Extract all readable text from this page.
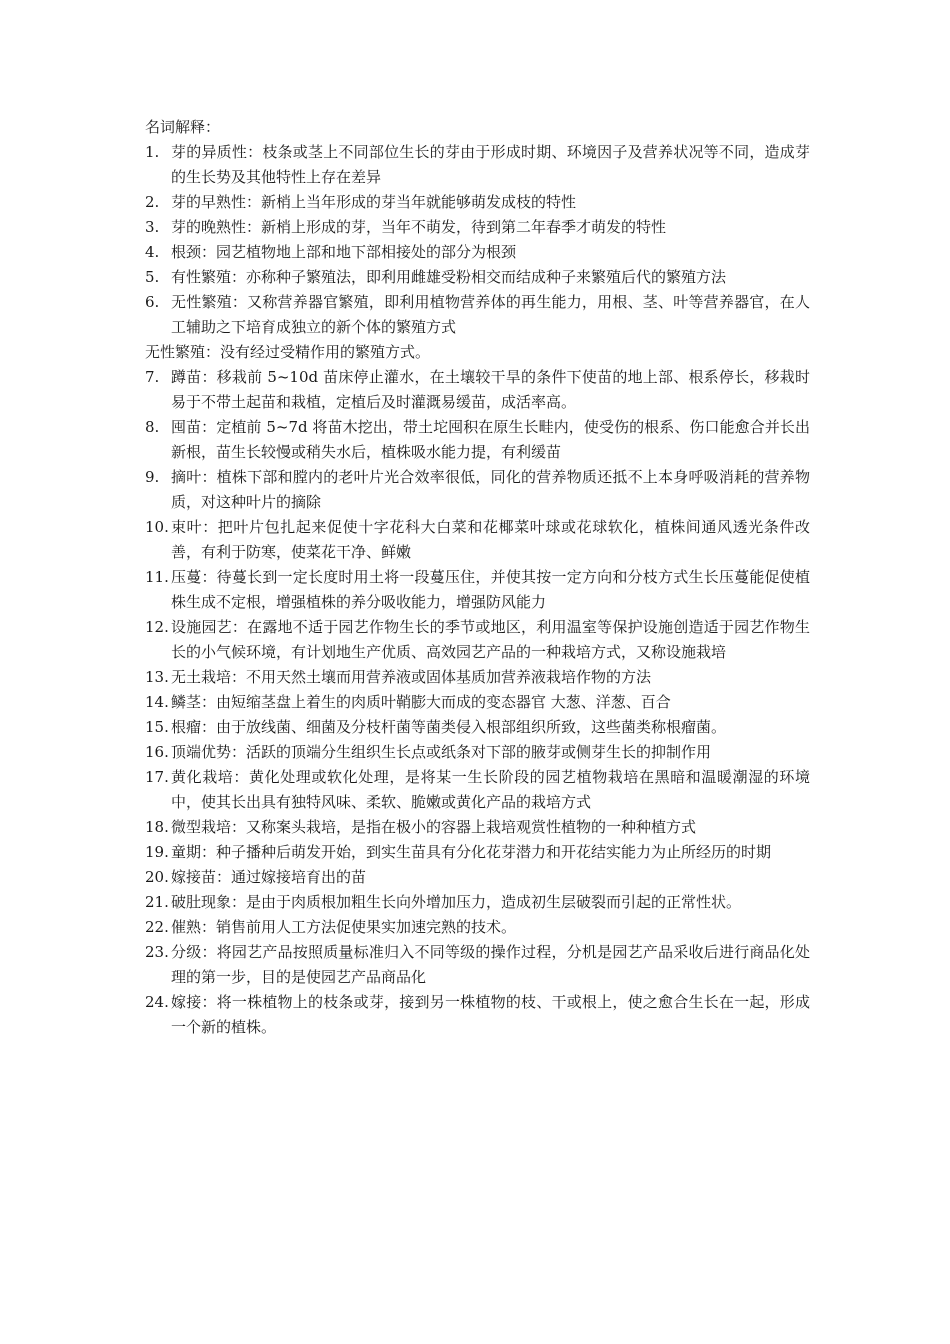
名词解释：

1. 芽的异质性：枝条或茎上不同部位生长的芽由于形成时期、环境因子及营养状况等不同，造成芽的生长势及其他特性上存在差异
2. 芽的早熟性：新梢上当年形成的芽当年就能够萌发成枝的特性
3. 芽的晚熟性：新梢上形成的芽，当年不萌发，待到第二年春季才萌发的特性
4. 根颈：园艺植物地上部和地下部相接处的部分为根颈
5. 有性繁殖：亦称种子繁殖法，即利用雌雄受粉相交而结成种子来繁殖后代的繁殖方法
6. 无性繁殖：又称营养器官繁殖，即利用植物营养体的再生能力，用根、茎、叶等营养器官，在人工辅助之下培育成独立的新个体的繁殖方式

无性繁殖：没有经过受精作用的繁殖方式。

7. 蹲苗：移栽前 5~10d 苗床停止灌水，在土壤较干旱的条件下使苗的地上部、根系停长，移栽时易于不带土起苗和栽植，定植后及时灌溉易缓苗，成活率高。
8. 囤苗：定植前 5~7d 将苗木挖出，带土坨囤积在原生长畦内，使受伤的根系、伤口能愈合并长出新根，苗生长较慢或稍失水后，植株吸水能力提，有利缓苗
9. 摘叶：植株下部和膛内的老叶片光合效率很低，同化的营养物质还抵不上本身呼吸消耗的营养物质，对这种叶片的摘除
10. 束叶：把叶片包扎起来促使十字花科大白菜和花椰菜叶球或花球软化，植株间通风透光条件改善，有利于防寒，使菜花干净、鲜嫩
11. 压蔓：待蔓长到一定长度时用土将一段蔓压住，并使其按一定方向和分枝方式生长压蔓能促使植株生成不定根，增强植株的养分吸收能力，增强防风能力
12. 设施园艺：在露地不适于园艺作物生长的季节或地区，利用温室等保护设施创造适于园艺作物生长的小气候环境，有计划地生产优质、高效园艺产品的一种栽培方式，又称设施栽培
13. 无土栽培：不用天然土壤而用营养液或固体基质加营养液栽培作物的方法
14. 鳞茎：由短缩茎盘上着生的肉质叶鞘膨大而成的变态器官 大葱、洋葱、百合
15. 根瘤：由于放线菌、细菌及分枝杆菌等菌类侵入根部组织所致，这些菌类称根瘤菌。
16. 顶端优势：活跃的顶端分生组织生长点或纸条对下部的腋芽或侧芽生长的抑制作用
17. 黄化栽培：黄化处理或软化处理，是将某一生长阶段的园艺植物栽培在黑暗和温暖潮湿的环境中，使其长出具有独特风味、柔软、脆嫩或黄化产品的栽培方式
18. 微型栽培：又称案头栽培，是指在极小的容器上栽培观赏性植物的一种种植方式
19. 童期：种子播种后萌发开始，到实生苗具有分化花芽潜力和开花结实能力为止所经历的时期
20. 嫁接苗：通过嫁接培育出的苗
21. 破肚现象：是由于肉质根加粗生长向外增加压力，造成初生层破裂而引起的正常性状。
22. 催熟：销售前用人工方法促使果实加速完熟的技术。
23. 分级：将园艺产品按照质量标准归入不同等级的操作过程，分机是园艺产品采收后进行商品化处理的第一步，目的是使园艺产品商品化
24. 嫁接：将一株植物上的枝条或芽，接到另一株植物的枝、干或根上，使之愈合生长在一起，形成一个新的植株。
